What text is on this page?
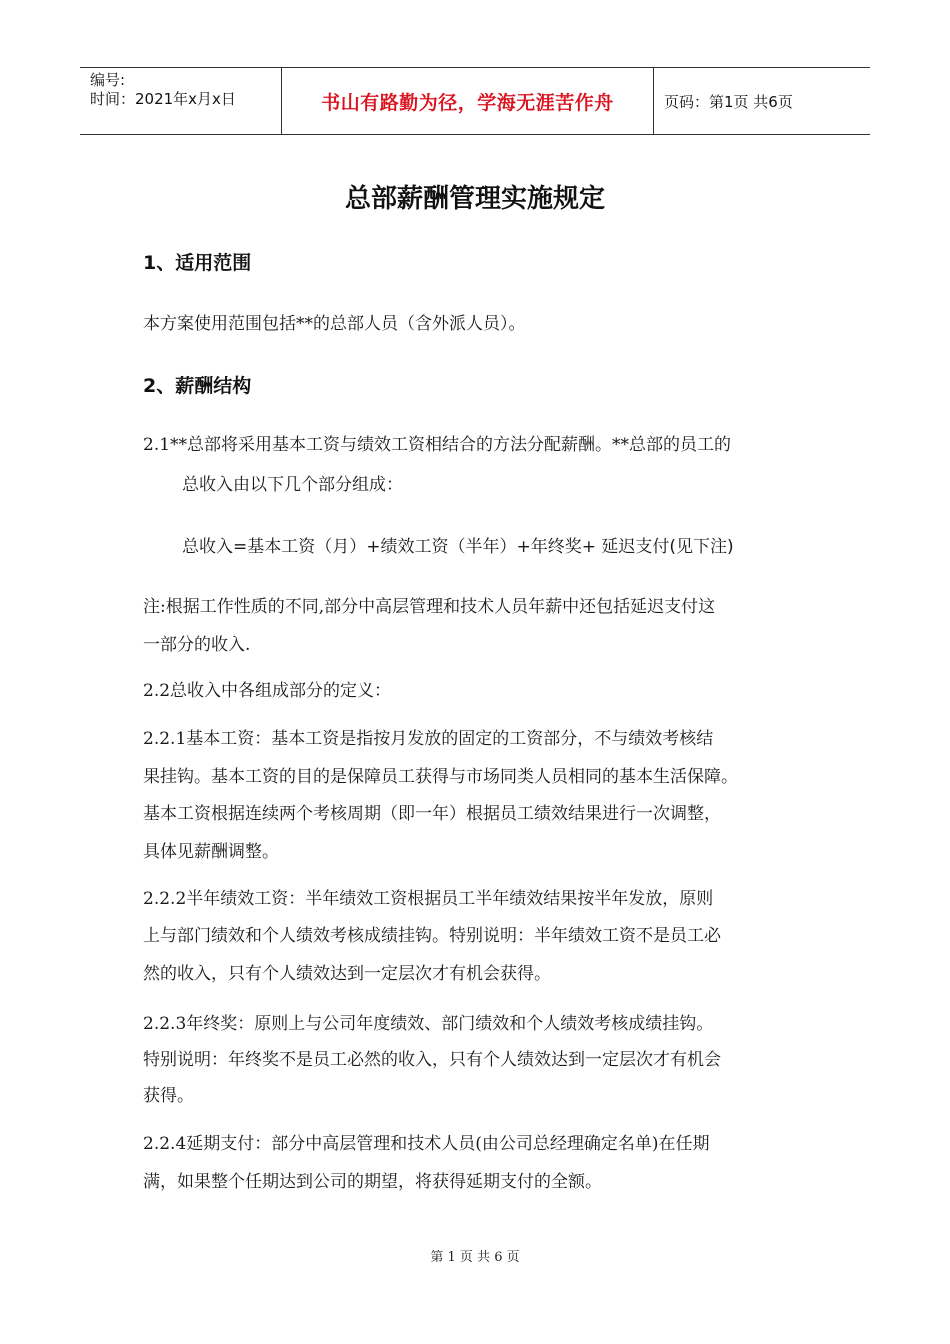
编号:
时间：2021年x月x日	书山有路勤为径，学海无涯苦作舟	页码：第1页 共6页
总部薪酬管理实施规定
1、适用范围
本方案使用范围包括**的总部人员（含外派人员）。
2、薪酬结构
2.1**总部将采用基本工资与绩效工资相结合的方法分配薪酬。**总部的员工的
总收入由以下几个部分组成：
总收入=基本工资（月）+绩效工资（半年）+年终奖+ 延迟支付(见下注)
注:根据工作性质的不同,部分中高层管理和技术人员年薪中还包括延迟支付这
一部分的收入.
2.2总收入中各组成部分的定义：
2.2.1基本工资：基本工资是指按月发放的固定的工资部分，不与绩效考核结
果挂钩。基本工资的目的是保障员工获得与市场同类人员相同的基本生活保障。
基本工资根据连续两个考核周期（即一年）根据员工绩效结果进行一次调整，
具体见薪酬调整。
2.2.2半年绩效工资：半年绩效工资根据员工半年绩效结果按半年发放，原则
上与部门绩效和个人绩效考核成绩挂钩。特别说明：半年绩效工资不是员工必
然的收入，只有个人绩效达到一定层次才有机会获得。
2.2.3年终奖：原则上与公司年度绩效、部门绩效和个人绩效考核成绩挂钩。
特别说明：年终奖不是员工必然的收入，只有个人绩效达到一定层次才有机会
获得。
2.2.4延期支付：部分中高层管理和技术人员(由公司总经理确定名单)在任期
满，如果整个任期达到公司的期望，将获得延期支付的全额。
第 1 页 共 6 页
